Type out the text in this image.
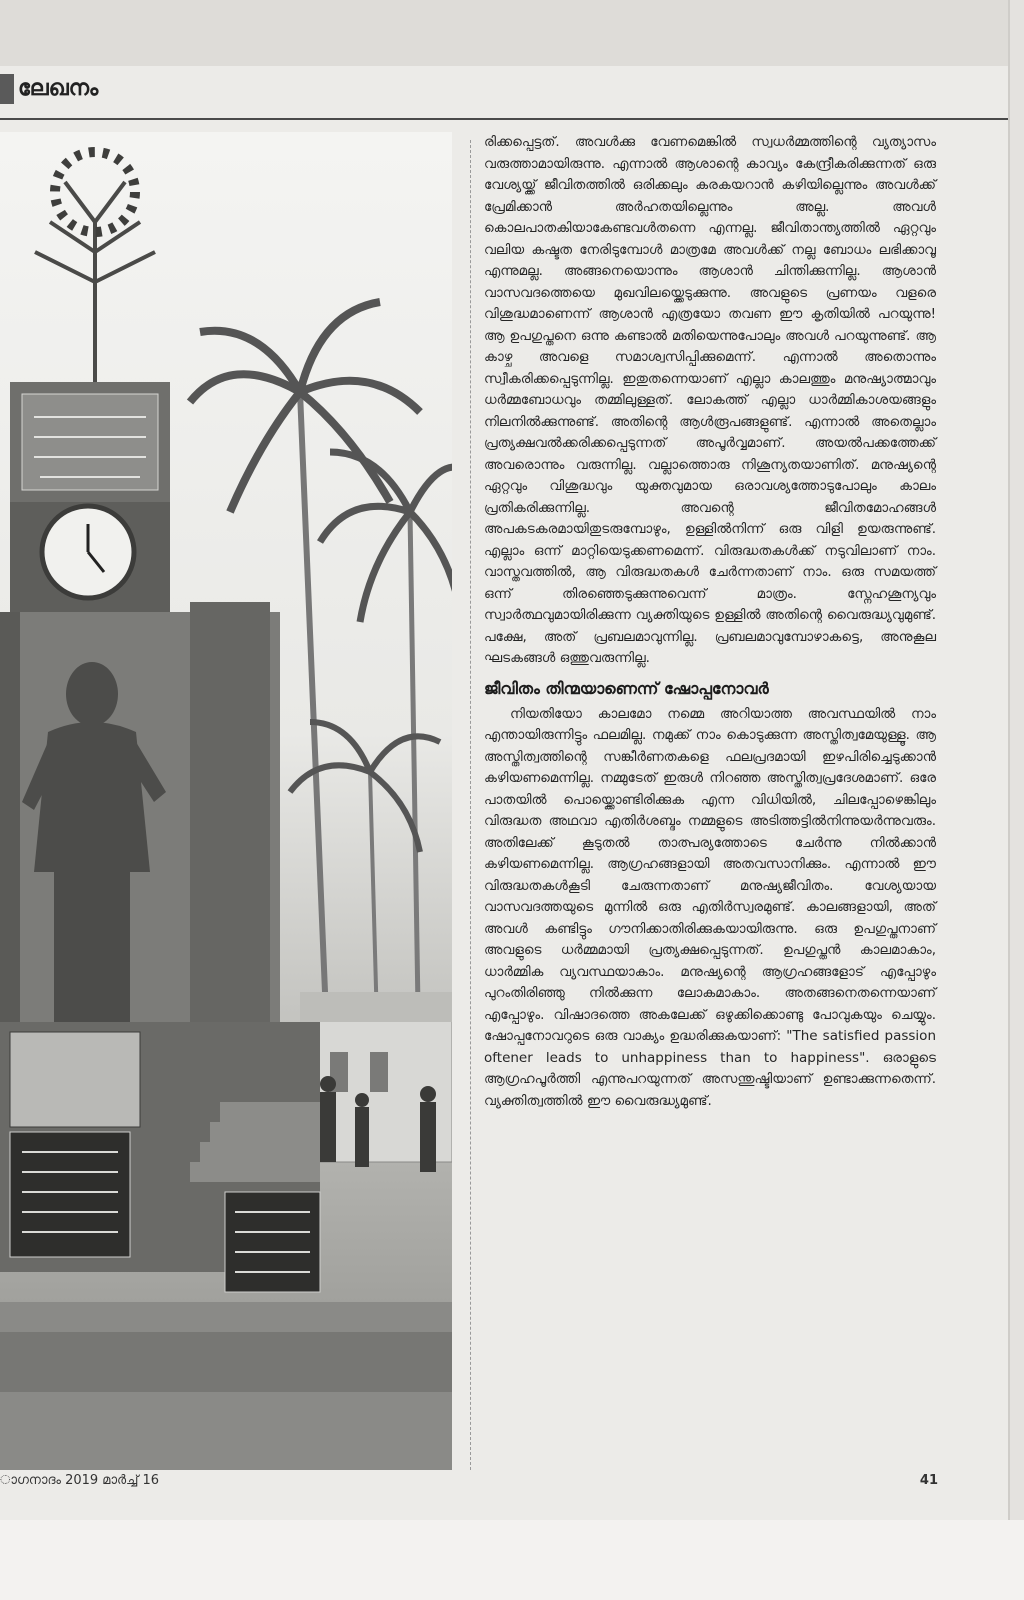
ലേഖനം

രിക്കപ്പെട്ടത്. അവൾക്കു വേണമെങ്കിൽ സ്വധർമ്മത്തിന്റെ വ്യത്യാസം വരുത്താമായിരുന്നു. എന്നാൽ ആശാന്റെ കാവ്യം കേന്ദ്രീകരിക്കുന്നത് ഒരു വേശ്യയ്ക്ക് ജീവിതത്തിൽ ഒരിക്കലും കരകയറാൻ കഴിയില്ലെന്നും അവൾക്ക് പ്രേമിക്കാൻ അർഹതയില്ലെന്നും അല്ല. അവൾ കൊലപാതകിയാകേണ്ടവൾതന്നെ എന്നല്ല. ജീവിതാന്ത്യത്തിൽ ഏറ്റവും വലിയ കഷ്ടത നേരിടുമ്പോൾ മാത്രമേ അവൾക്ക് നല്ല ബോധം ലഭിക്കാവൂ എന്നുമല്ല. അങ്ങനെയൊന്നും ആശാൻ ചിന്തിക്കുന്നില്ല. ആശാൻ വാസവദത്തെയെ മുഖവിലയ്ക്കെടുക്കുന്നു. അവളുടെ പ്രണയം വളരെ വിശുദ്ധമാണെന്ന് ആശാൻ എത്രയോ തവണ ഈ കൃതിയിൽ പറയുന്നു! ആ ഉപഗുപ്തനെ ഒന്നു കണ്ടാൽ മതിയെന്നുപോലും അവൾ പറയുന്നുണ്ട്. ആ കാഴ്ച അവളെ സമാശ്വസിപ്പിക്കുമെന്ന്. എന്നാൽ അതൊന്നും സ്വീകരിക്കപ്പെടുന്നില്ല. ഇതുതന്നെയാണ് എല്ലാ കാലത്തും മനുഷ്യാത്മാവും ധർമ്മബോധവും തമ്മിലുള്ളത്. ലോകത്ത് എല്ലാ ധാർമ്മികാശയങ്ങളും നിലനിൽക്കുന്നുണ്ട്. അതിന്റെ ആൾരൂപങ്ങളുണ്ട്. എന്നാൽ അതെല്ലാം പ്രത്യക്ഷവൽക്കരിക്കപ്പെടുന്നത് അപൂർവ്വമാണ്. അയൽപക്കത്തേക്ക് അവരൊന്നും വരുന്നില്ല. വല്ലാത്തൊരു നിശൂന്യതയാണിത്. മനുഷ്യന്റെ ഏറ്റവും വിശുദ്ധവും യുക്തവുമായ ഒരാവശ്യത്തോടുപോലും കാലം പ്രതികരിക്കുന്നില്ല. അവന്റെ ജീവിതമോഹങ്ങൾ അപകടകരമായിതുടരുമ്പോഴും, ഉള്ളിൽനിന്ന് ഒരു വിളി ഉയരുന്നുണ്ട്. എല്ലാം ഒന്ന് മാറ്റിയെടുക്കണമെന്ന്. വിരുദ്ധതകൾക്ക് നടുവിലാണ് നാം. വാസ്തവത്തിൽ, ആ വിരുദ്ധതകൾ ചേർന്നതാണ് നാം. ഒരു സമയത്ത് ഒന്ന് തിരഞ്ഞെടുക്കുന്നുവെന്ന് മാത്രം. സ്നേഹശൂന്യവും സ്വാർത്ഥവുമായിരിക്കുന്ന വ്യക്തിയുടെ ഉള്ളിൽ അതിന്റെ വൈരുദ്ധ്യവുമുണ്ട്. പക്ഷേ, അത് പ്രബലമാവുന്നില്ല. പ്രബലമാവുമ്പോഴാകട്ടെ, അനുകൂല ഘടകങ്ങൾ ഒത്തുവരുന്നില്ല.

ജീവിതം തിന്മയാണെന്ന് ഷോപ്പനോവർ

നിയതിയോ കാലമോ നമ്മെ അറിയാത്ത അവസ്ഥയിൽ നാം എന്തായിരുന്നിട്ടും ഫലമില്ല. നമുക്ക് നാം കൊടുക്കുന്ന അസ്തിത്വമേയുള്ളൂ. ആ അസ്തിത്വത്തിന്റെ സങ്കീർണതകളെ ഫലപ്രദമായി ഇഴപിരിച്ചെടുക്കാൻ കഴിയണമെന്നില്ല. നമ്മുടേത് ഇരുൾ നിറഞ്ഞ അസ്തിത്വപ്രദേശമാണ്. ഒരേ പാതയിൽ പൊയ്ക്കൊണ്ടിരിക്കുക എന്ന വിധിയിൽ, ചിലപ്പോഴെങ്കിലും വിരുദ്ധത അഥവാ എതിർശബ്ദം നമ്മളുടെ അടിത്തട്ടിൽനിന്നുയർന്നുവരും. അതിലേക്ക് കൂടുതൽ താത്പര്യത്തോടെ ചേർന്നു നിൽക്കാൻ കഴിയണമെന്നില്ല. ആഗ്രഹങ്ങളായി അതവസാനിക്കും. എന്നാൽ ഈ വിരുദ്ധതകൾകൂടി ചേരുന്നതാണ് മനുഷ്യജീവിതം. വേശ്യയായ വാസവദത്തയുടെ മുന്നിൽ ഒരു എതിർസ്വരമുണ്ട്. കാലങ്ങളായി, അത് അവൾ കണ്ടിട്ടും ഗൗനിക്കാതിരിക്കുകയായിരുന്നു. ഒരു ഉപഗുപ്തനാണ് അവളുടെ ധർമ്മമായി പ്രത്യക്ഷപ്പെടുന്നത്. ഉപഗുപ്തൻ കാലമാകാം, ധാർമ്മിക വ്യവസ്ഥയാകാം. മനുഷ്യന്റെ ആഗ്രഹങ്ങളോട് എപ്പോഴും പുറംതിരിഞ്ഞു നിൽക്കുന്ന ലോകമാകാം. അതങ്ങനെതന്നെയാണ് എപ്പോഴും. വിഷാദത്തെ അകലേക്ക് ഒഴുക്കിക്കൊണ്ടു പോവുകയും ചെയ്യും. ഷോപ്പനോവറുടെ ഒരു വാക്യം ഉദ്ധരിക്കുകയാണ്: "The satisfied passion oftener leads to unhappiness than to happiness". ഒരാളുടെ ആഗ്രഹപൂർത്തി എന്നുപറയുന്നത് അസന്തുഷ്ടിയാണ് ഉണ്ടാക്കുന്നതെന്ന്. വ്യക്തിത്വത്തിൽ ഈ വൈരുദ്ധ്യമുണ്ട്.

ാഗനാദം 2019 മാർച്ച് 16	41
